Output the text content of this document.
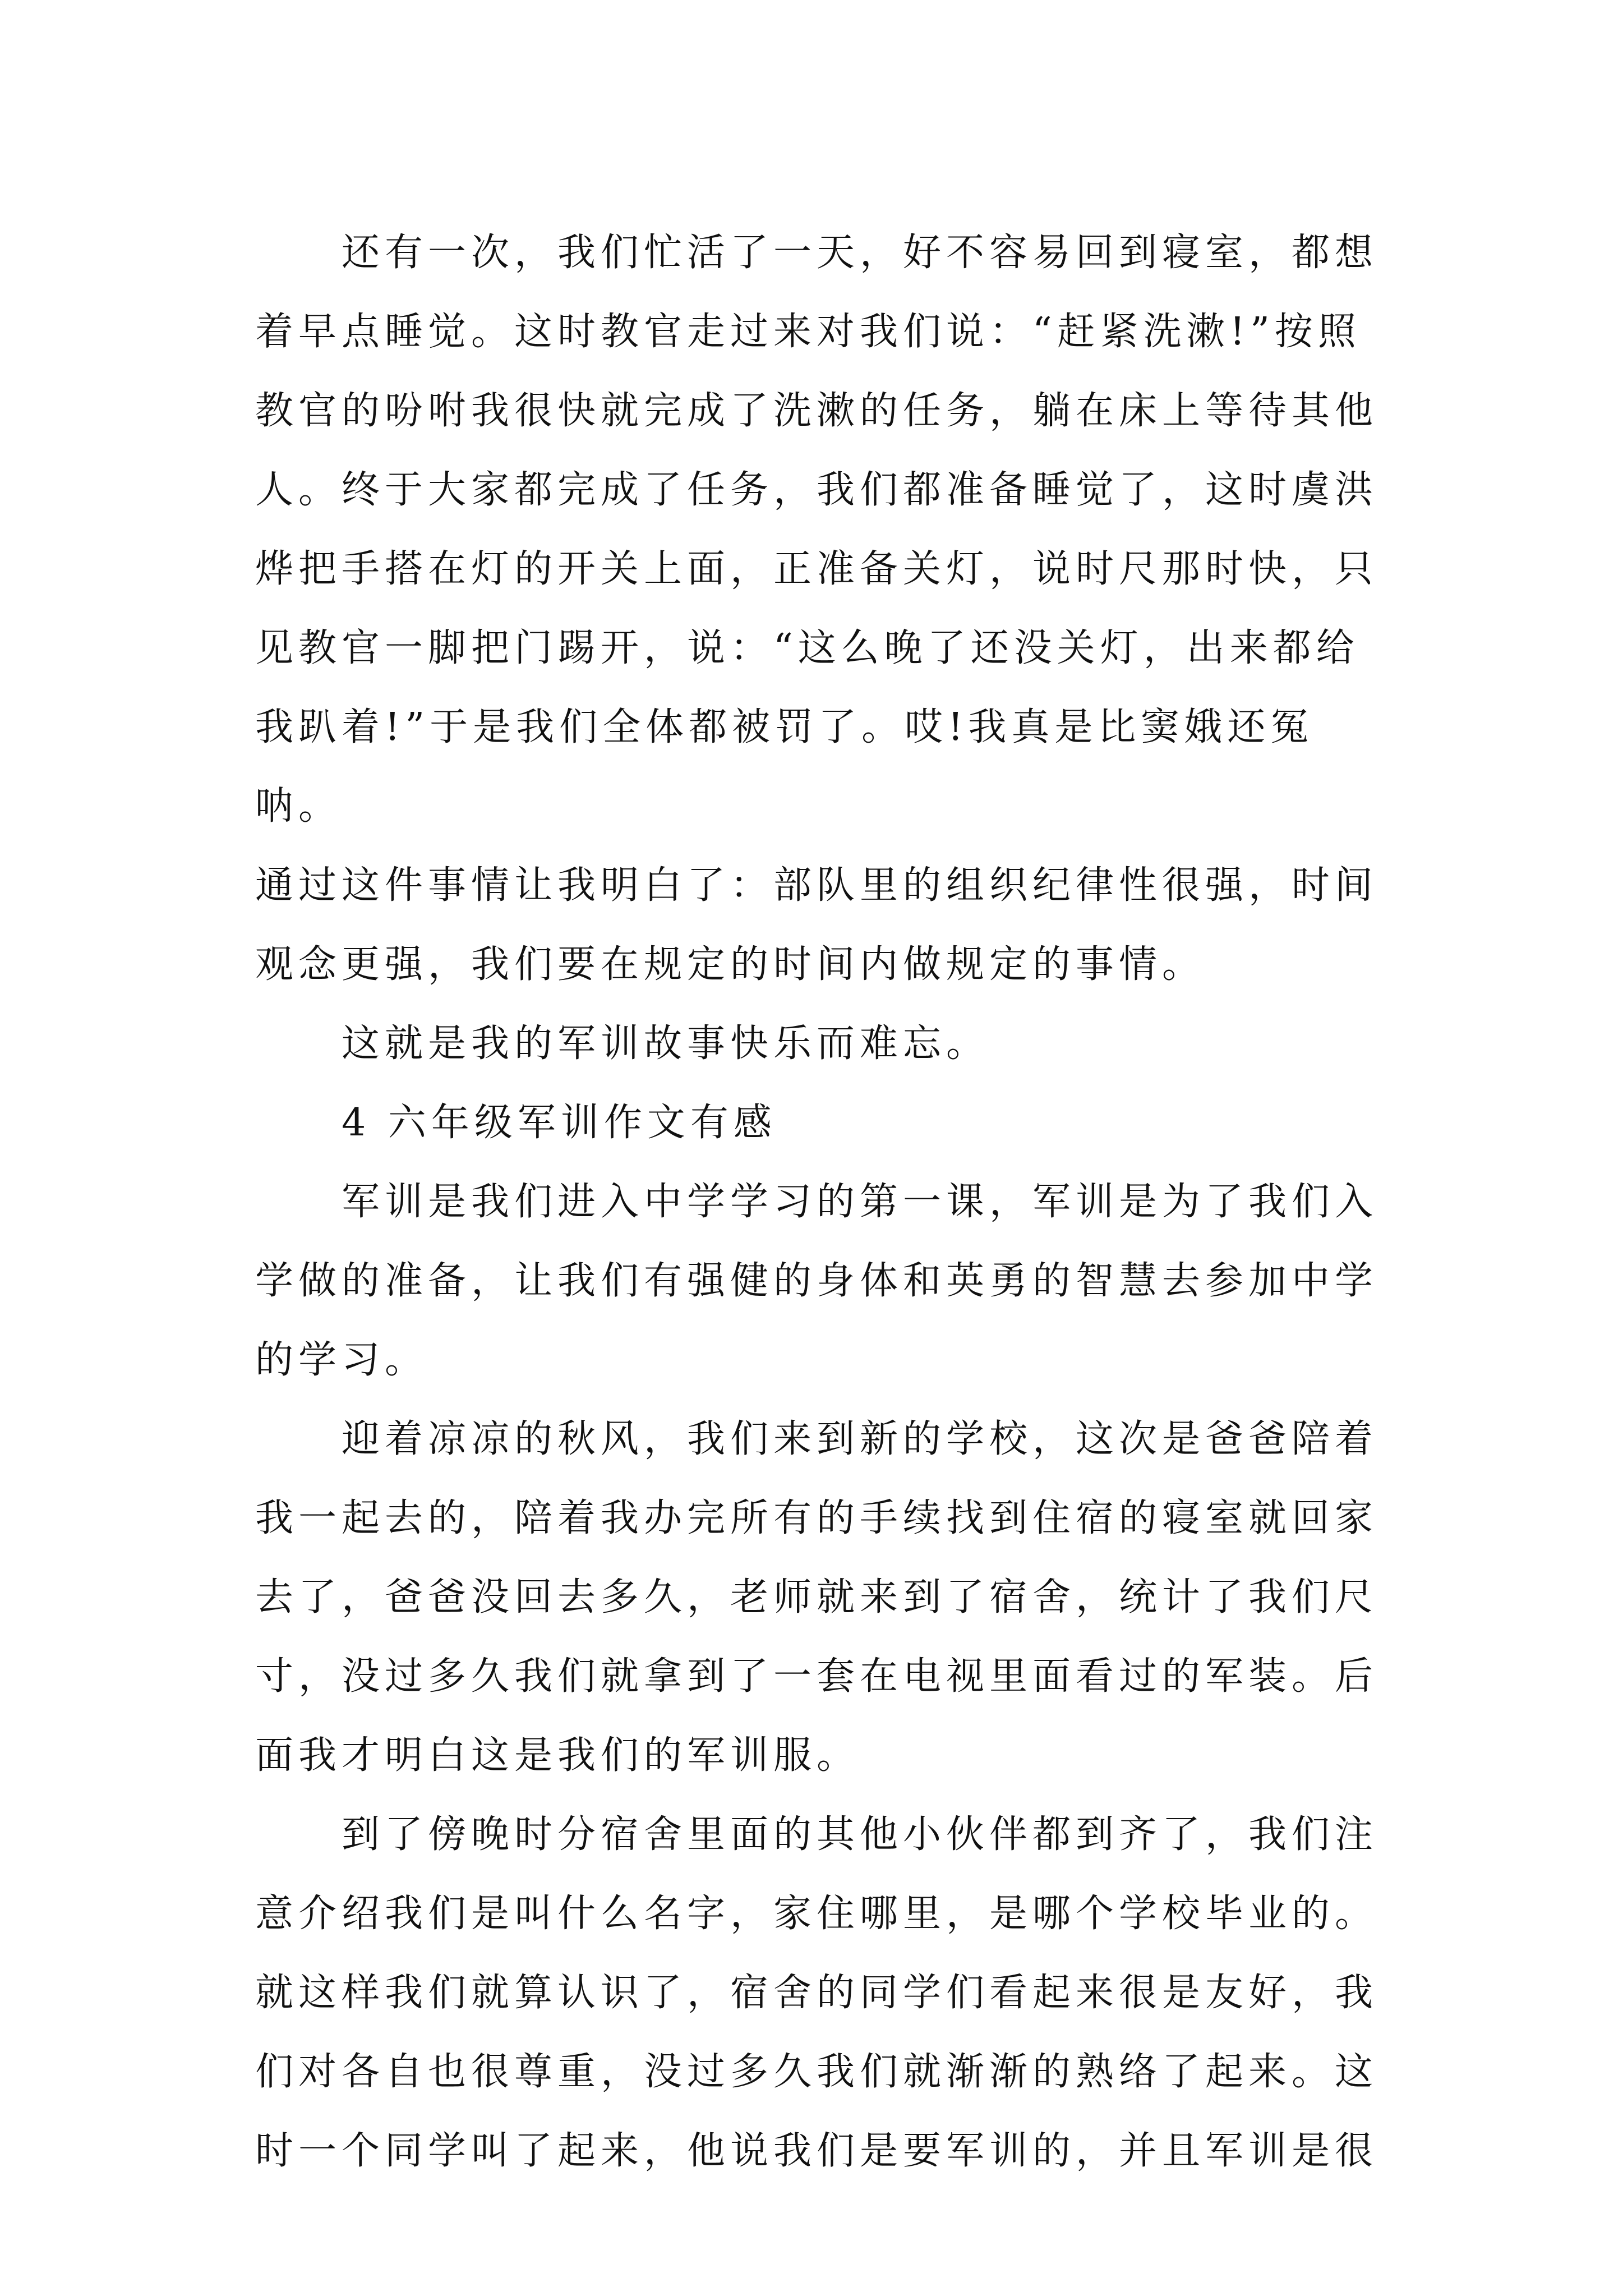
　　还有一次，我们忙活了一天，好不容易回到寝室，都想
着早点睡觉。这时教官走过来对我们说：“赶紧洗漱!”按照
教官的吩咐我很快就完成了洗漱的任务，躺在床上等待其他
人。终于大家都完成了任务，我们都准备睡觉了，这时虞洪
烨把手搭在灯的开关上面，正准备关灯，说时尺那时快，只
见教官一脚把门踢开，说：“这么晚了还没关灯，出来都给
我趴着!”于是我们全体都被罚了。哎!我真是比窦娥还冤呐。
通过这件事情让我明白了：部队里的组织纪律性很强，时间
观念更强，我们要在规定的时间内做规定的事情。

　　这就是我的军训故事快乐而难忘。

　　4 六年级军训作文有感

　　军训是我们进入中学学习的第一课，军训是为了我们入
学做的准备，让我们有强健的身体和英勇的智慧去参加中学
的学习。

　　迎着凉凉的秋风，我们来到新的学校，这次是爸爸陪着
我一起去的，陪着我办完所有的手续找到住宿的寝室就回家
去了，爸爸没回去多久，老师就来到了宿舍，统计了我们尺
寸，没过多久我们就拿到了一套在电视里面看过的军装。后
面我才明白这是我们的军训服。

　　到了傍晚时分宿舍里面的其他小伙伴都到齐了，我们注
意介绍我们是叫什么名字，家住哪里，是哪个学校毕业的。
就这样我们就算认识了，宿舍的同学们看起来很是友好，我
们对各自也很尊重，没过多久我们就渐渐的熟络了起来。这
时一个同学叫了起来，他说我们是要军训的，并且军训是很
